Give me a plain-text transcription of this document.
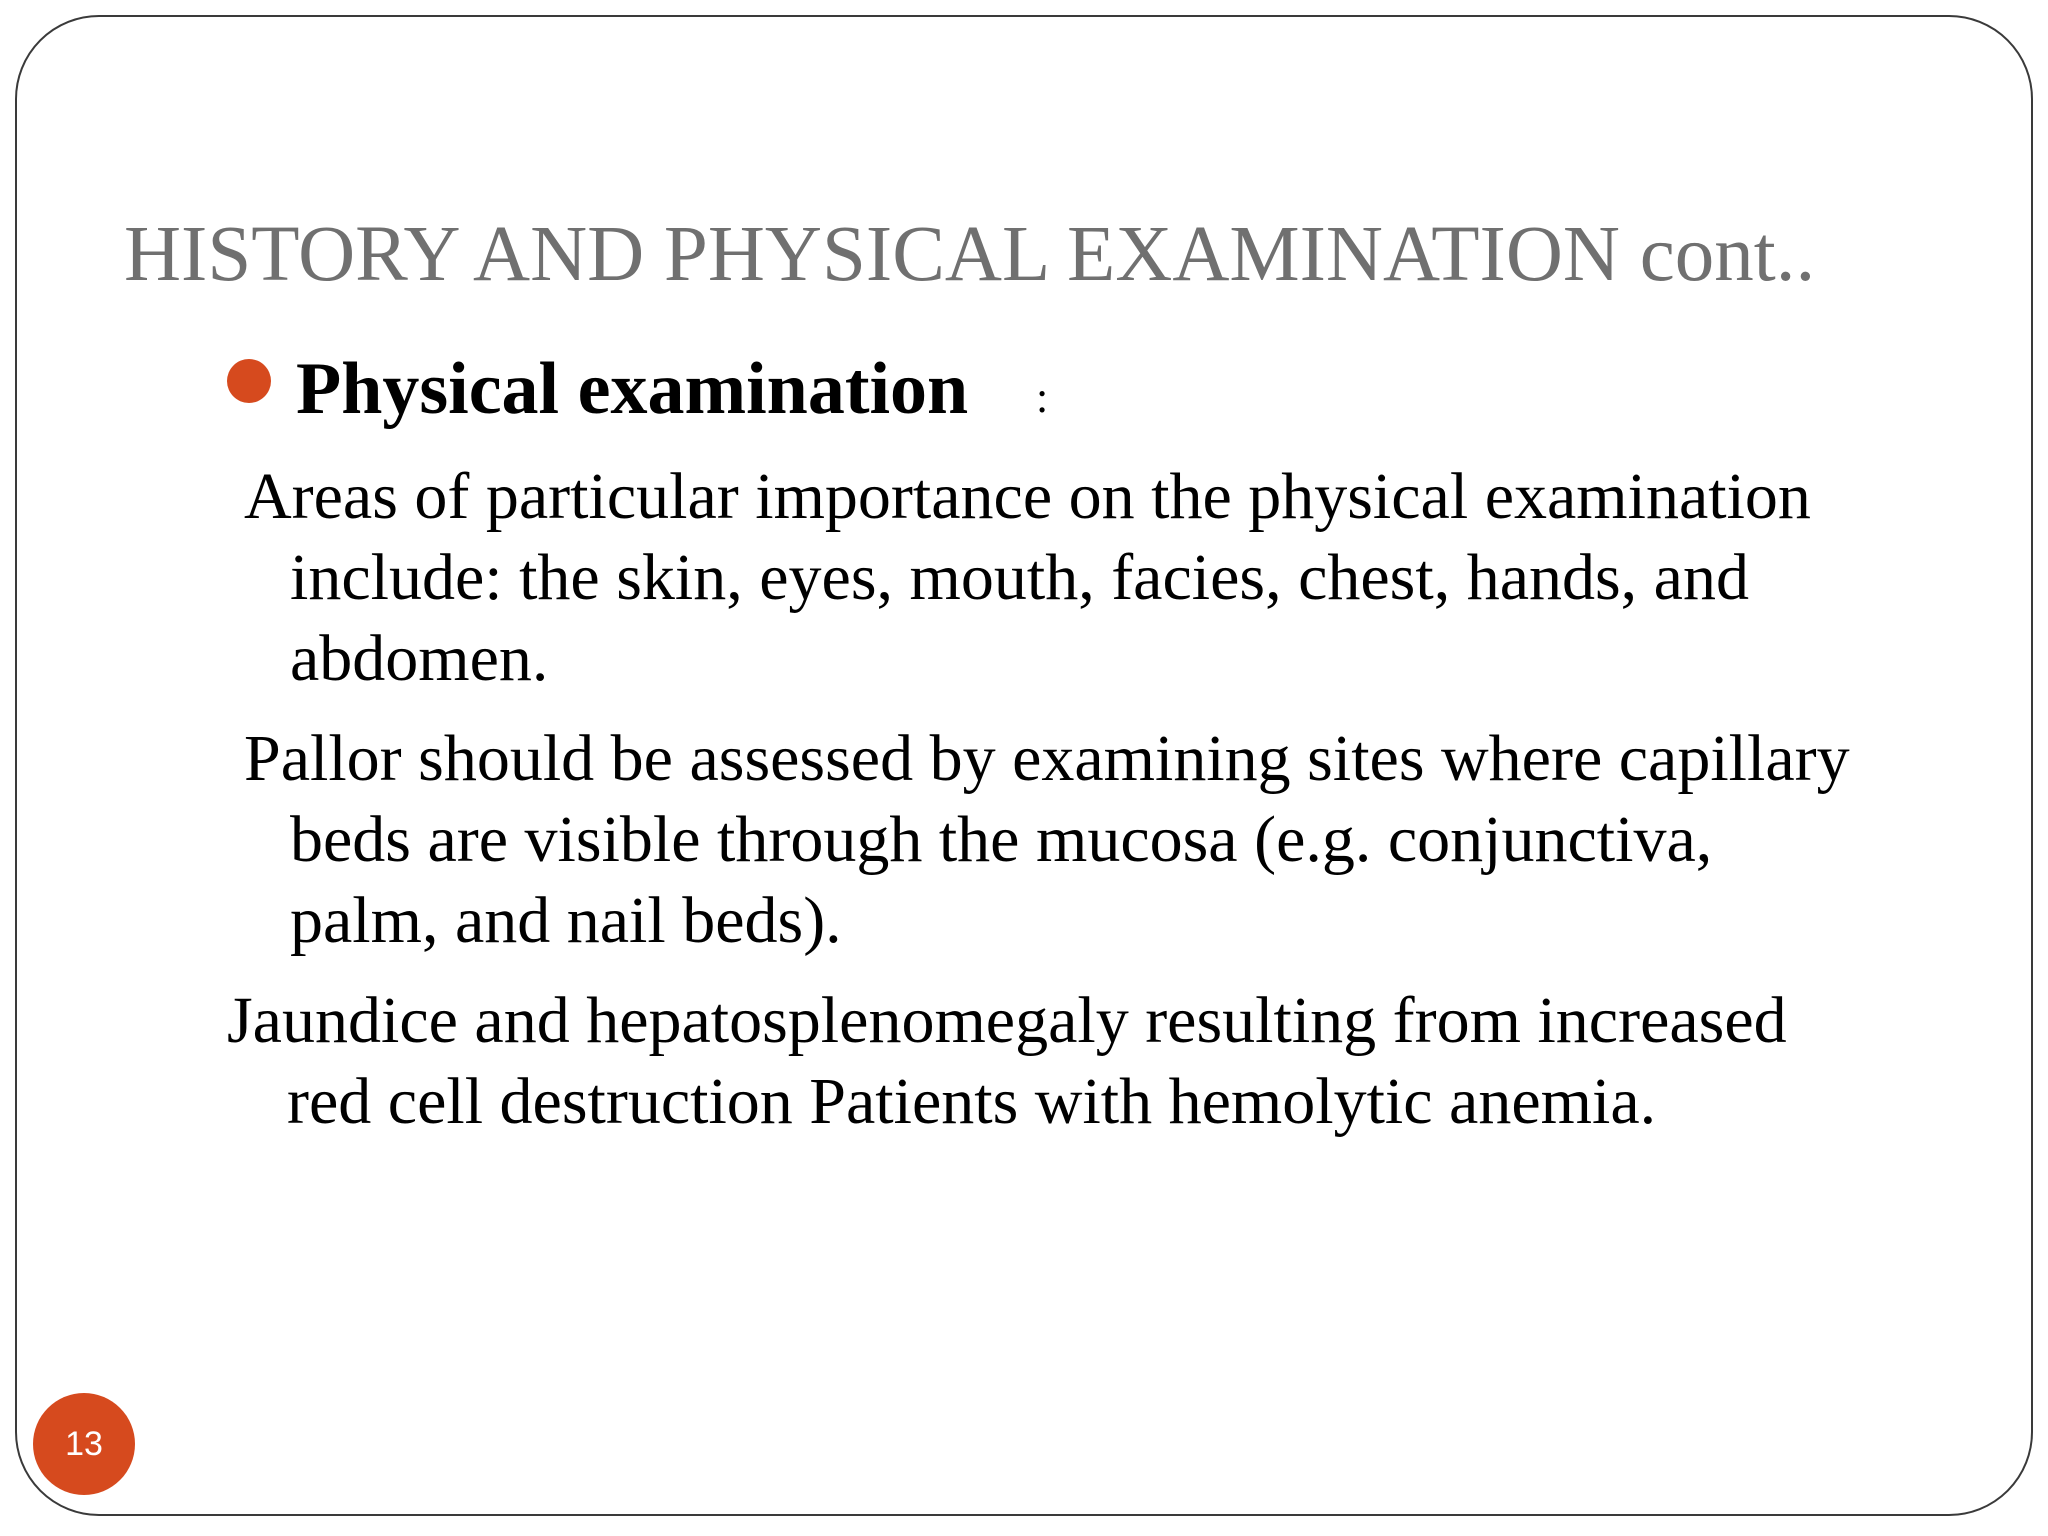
HISTORY AND PHYSICAL EXAMINATION cont..
Physical examination :

Areas of particular importance on the physical examination
include: the skin, eyes, mouth, facies, chest, hands, and
abdomen.

Pallor should be assessed by examining sites where capillary
beds are visible through the mucosa (e.g. conjunctiva,
palm, and nail beds).

Jaundice and hepatosplenomegaly resulting from increased
red cell destruction Patients with hemolytic anemia.

13
